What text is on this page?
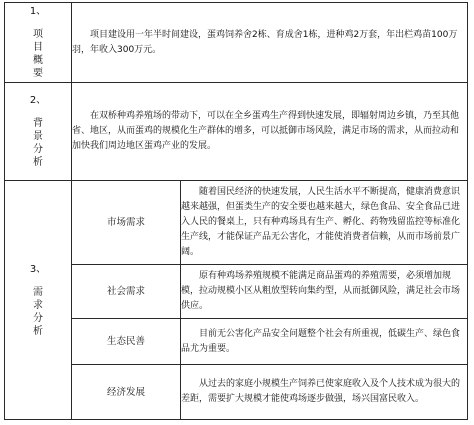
1、
项
目
概
要	项目建设用一年半时间建设，蛋鸡饲养舍2栋、育成舍1栋，进种鸡2万套，年出栏鸡苗100万羽，年收入300万元。	

2、
背
景
分
析	在双桥种鸡养殖场的带动下，可以在全乡蛋鸡生产得到快速发展，即辐射周边乡镇，乃至其他省、地区，从而蛋鸡的规模化生产群体的增多，可以抵御市场风险，满足市场的需求，从而拉动和加快我们周边地区蛋鸡产业的发展。	

3、
需
求
分
析	市场需求	随着国民经济的快速发展，人民生活水平不断提高，健康消费意识越来越强，但蛋类生产的安全要也越来越大，绿色食品、安全食品已进入人民的餐桌上，只有种鸡场具有生产、孵化、药物残留监控等标准化生产线，才能保证产品无公害化，才能使消费者信赖，从而市场前景广阔。
	社会需求	原有种鸡场养殖规模不能满足商品蛋鸡的养殖需要，必须增加规模，拉动规模小区从粗放型转向集约型，从而抵御风险，满足社会市场供应。
	生态民善	目前无公害化产品安全问题整个社会有所重视，低碳生产、绿色食品尤为重要。
	经济发展	从过去的家庭小规模生产饲养已使家庭收入及个人技术成为很大的差距，需要扩大规模才能使鸡场逐步做强，场兴国富民收入。
